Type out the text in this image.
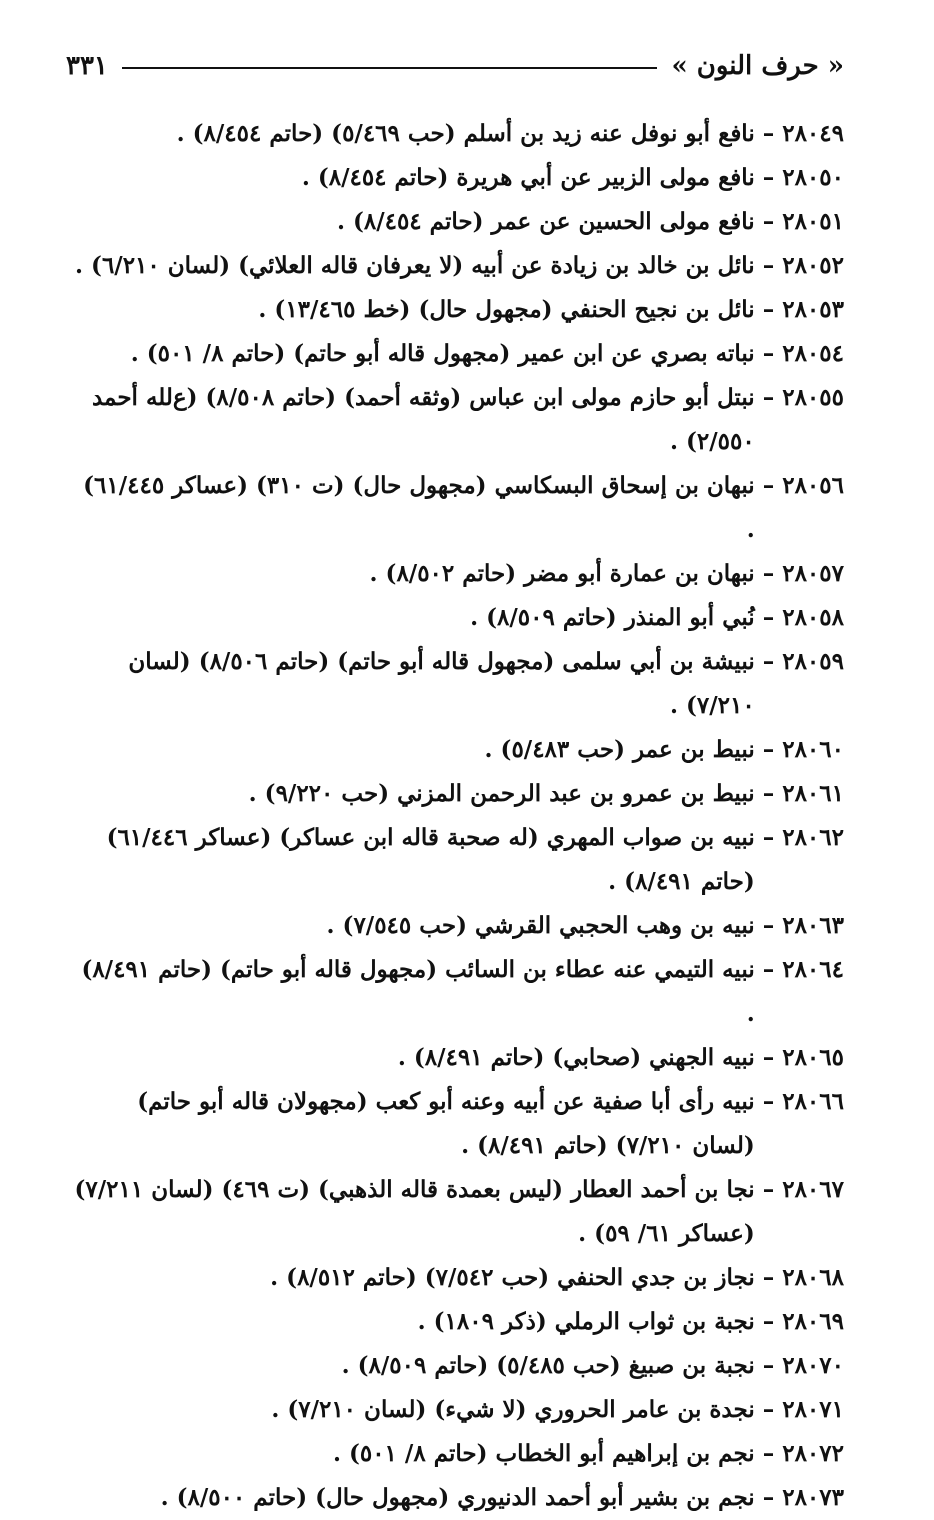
« حرف النون »
٣٣١
٢٨٠٤٩
–
نافع أبو نوفل عنه زيد بن أسلم (حب ٥/٤٦٩) (حاتم ٨/٤٥٤) .
٢٨٠٥٠
–
نافع مولى الزبير عن أبي هريرة (حاتم ٨/٤٥٤) .
٢٨٠٥١
–
نافع مولى الحسين عن عمر (حاتم ٨/٤٥٤) .
٢٨٠٥٢
–
نائل بن خالد بن زيادة عن أبيه (لا يعرفان قاله العلائي) (لسان ٦/٢١٠) .
٢٨٠٥٣
–
نائل بن نجيح الحنفي (مجهول حال) (خط ١٣/٤٦٥) .
٢٨٠٥٤
–
نباته بصري عن ابن عمير (مجهول قاله أبو حاتم) (حاتم ٨/ ٥٠١) .
٢٨٠٥٥
–
نبتل أبو حازم مولى ابن عباس (وثقه أحمد) (حاتم ٨/٥٠٨) (ع‌لله أحمد ٢/٥٥٠) .
٢٨٠٥٦
–
نبهان بن إسحاق البسكاسي (مجهول حال) (ت ٣١٠) (عساكر ٦١/٤٤٥) .
٢٨٠٥٧
–
نبهان بن عمارة أبو مضر (حاتم ٨/٥٠٢) .
٢٨٠٥٨
–
نُبي أبو المنذر (حاتم ٨/٥٠٩) .
٢٨٠٥٩
–
نبيشة بن أبي سلمى (مجهول قاله أبو حاتم) (حاتم ٨/٥٠٦) (لسان ٧/٢١٠) .
٢٨٠٦٠
–
نبيط بن عمر (حب ٥/٤٨٣) .
٢٨٠٦١
–
نبيط بن عمرو بن عبد الرحمن المزني (حب ٩/٢٢٠) .
٢٨٠٦٢
–
نبيه بن صواب المهري (له صحبة قاله ابن عساكر) (عساكر ٦١/٤٤٦) (حاتم ٨/٤٩١) .
٢٨٠٦٣
–
نبيه بن وهب الحجبي القرشي (حب ٧/٥٤٥) .
٢٨٠٦٤
–
نبيه التيمي عنه عطاء بن السائب (مجهول قاله أبو حاتم) (حاتم ٨/٤٩١) .
٢٨٠٦٥
–
نبيه الجهني (صحابي) (حاتم ٨/٤٩١) .
٢٨٠٦٦
–
نبيه رأى أبا صفية عن أبيه وعنه أبو كعب (مجهولان قاله أبو حاتم) (لسان ٧/٢١٠) (حاتم ٨/٤٩١) .
٢٨٠٦٧
–
نجا بن أحمد العطار (ليس بعمدة قاله الذهبي) (ت ٤٦٩) (لسان ٧/٢١١) (عساكر ٦١/ ٥٩) .
٢٨٠٦٨
–
نجاز بن جدي الحنفي (حب ٧/٥٤٢) (حاتم ٨/٥١٢) .
٢٨٠٦٩
–
نجبة بن ثواب الرملي (ذكر ١٨٠٩) .
٢٨٠٧٠
–
نجبة بن صبيغ (حب ٥/٤٨٥) (حاتم ٨/٥٠٩) .
٢٨٠٧١
–
نجدة بن عامر الحروري (لا شيء) (لسان ٧/٢١٠) .
٢٨٠٧٢
–
نجم بن إبراهيم أبو الخطاب (حاتم ٨/ ٥٠١) .
٢٨٠٧٣
–
نجم بن بشير أبو أحمد الدنيوري (مجهول حال) (حاتم ٨/٥٠٠) .
